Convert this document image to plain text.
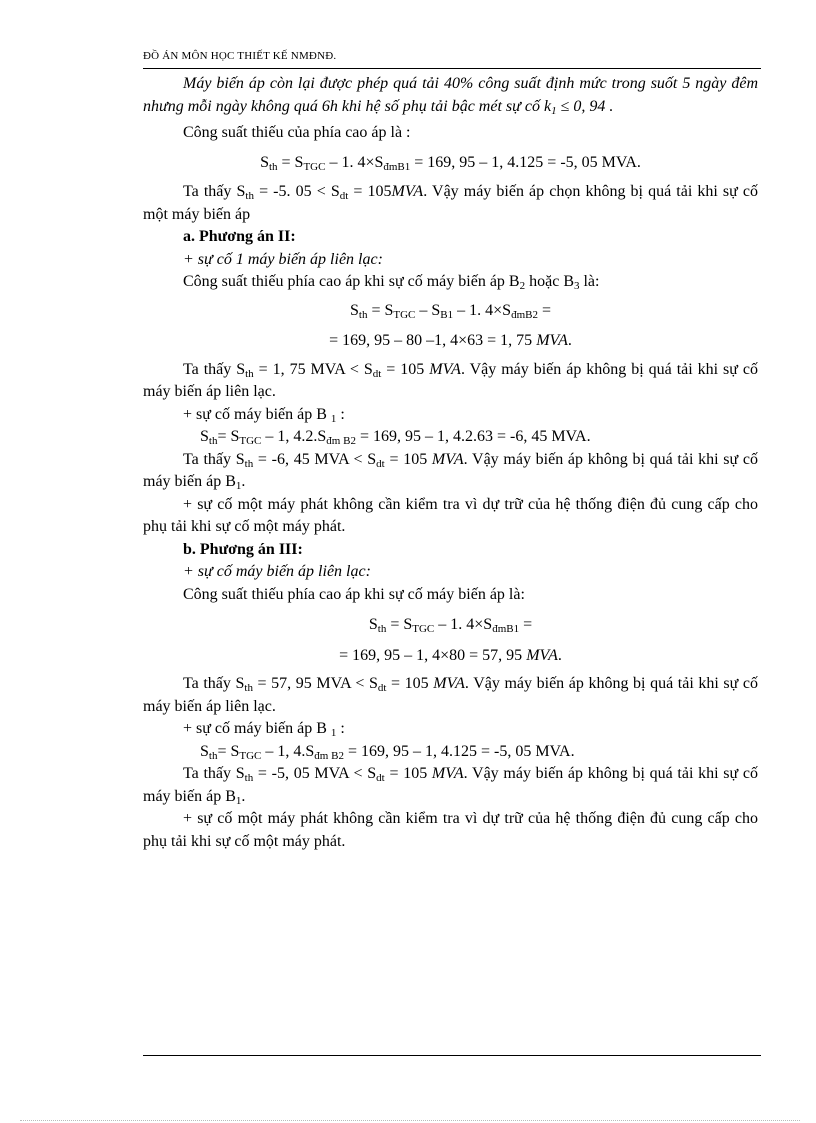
ĐỒ ÁN MÔN HỌC THIẾT KẾ NMĐNĐ.

Máy biến áp còn lại được phép quá tải 40% công suất định mức trong suốt 5 ngày đêm nhưng mỗi ngày không quá 6h khi hệ số phụ tải bậc mét sự cố $k_1 \le 0$, 94 .

Công suất thiếu của phía cao áp là :

$S_{th} = S_{TGC} - 1$. $4\times S_{đmB1} = 169$, 95 – 1, 4.125 = -5, 05 MVA.

Ta thấy $S_{th} = -5$. $05 < S_{dt} = 105MVA$. Vậy máy biến áp chọn không bị quá tải khi sự cố một máy biến áp

a. Phương án II:

+ sự cố 1 máy biến áp liên lạc:

Công suất thiếu phía cao áp khi sự cố máy biến áp $B_2$ hoặc $B_3$ là:

$S_{th} = S_{TGC} - S_{B1} - 1$. $4\times S_{đmB2}$ =

= 169, 95 – 80 –1, 4×63 = 1, 75 MVA.

Ta thấy $S_{th} = 1$, 75 MVA < $S_{dt} = 105$ MVA. Vậy máy biến áp không bị quá tải khi sự cố máy biến áp liên lạc.

+ sự cố máy biến áp B $_1$ :

$S_{th}= S_{TGC} - 1$, $4.2.S_{đm B2} = 169$, 95 – 1, 4.2.63 = -6, 45 MVA.

Ta thấy $S_{th} = -6$, 45 MVA < $S_{dt} = 105$ MVA. Vậy máy biến áp không bị quá tải khi sự cố máy biến áp $B_1$.

+ sự cố một máy phát không cần kiểm tra vì dự trữ của hệ thống điện đủ cung cấp cho phụ tải khi sự cố một máy phát.

b. Phương án III:

+ sự cố máy biến áp liên lạc:

Công suất thiếu phía cao áp khi sự cố máy biến áp là:

$S_{th} = S_{TGC} - 1$. $4\times S_{đmB1}$ =

= 169, 95 – 1, 4×80 = 57, 95 MVA.

Ta thấy $S_{th} = 57$, 95 MVA < $S_{dt} = 105$ MVA. Vậy máy biến áp không bị quá tải khi sự cố máy biến áp liên lạc.

+ sự cố máy biến áp B $_1$ :

$S_{th}= S_{TGC} - 1$, $4.S_{đm B2} = 169$, 95 – 1, 4.125 = -5, 05 MVA.

Ta thấy $S_{th} = -5$, 05 MVA < $S_{dt} = 105$ MVA. Vậy máy biến áp không bị quá tải khi sự cố máy biến áp $B_1$.

+ sự cố một máy phát không cần kiểm tra vì dự trữ của hệ thống điện đủ cung cấp cho phụ tải khi sự cố một máy phát.
